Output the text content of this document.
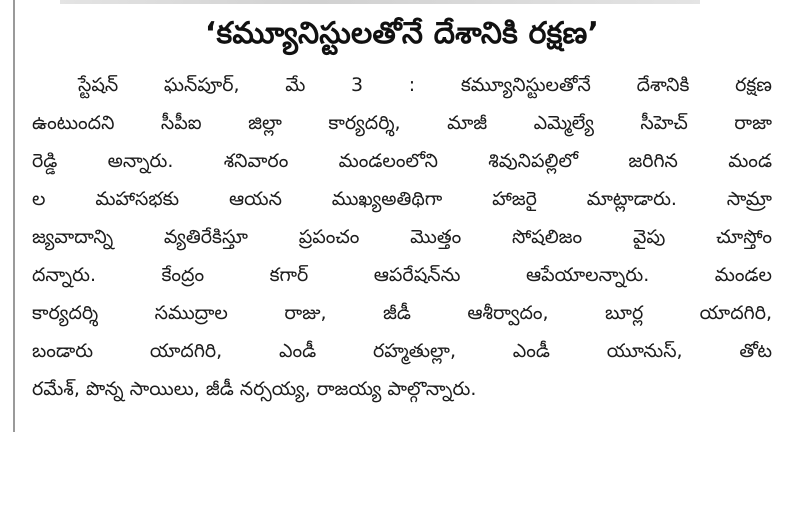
‘కమ్యూనిస్టులతోనే దేశానికి రక్షణ’
స్టేషన్ ఘన్‌పూర్, మే 3 : కమ్యూనిస్టులతోనే దేశానికి రక్షణ
ఉంటుందని సీపీఐ జిల్లా కార్యదర్శి, మాజీ ఎమ్మెల్యే సీహెచ్ రాజా
రెడ్డి అన్నారు. శనివారం మండలంలోని శివునిపల్లిలో జరిగిన మండ
ల మహాసభకు ఆయన ముఖ్యఅతిథిగా హాజరై మాట్లాడారు. సామ్రా
జ్యవాదాన్ని వ్యతిరేకిస్తూ ప్రపంచం మొత్తం సోషలిజం వైపు చూస్తోం
దన్నారు. కేంద్రం కగార్ ఆపరేషన్‌ను ఆపేయాలన్నారు. మండల
కార్యదర్శి సముద్రాల రాజు, జీడీ ఆశీర్వాదం, బూర్ల యాదగిరి,
బండారు యాదగిరి, ఎండీ రహ్మతుల్లా, ఎండీ యూనుస్, తోట
రమేశ్, పొన్న సాయిలు, జీడీ నర్సయ్య, రాజయ్య పాల్గొన్నారు.
